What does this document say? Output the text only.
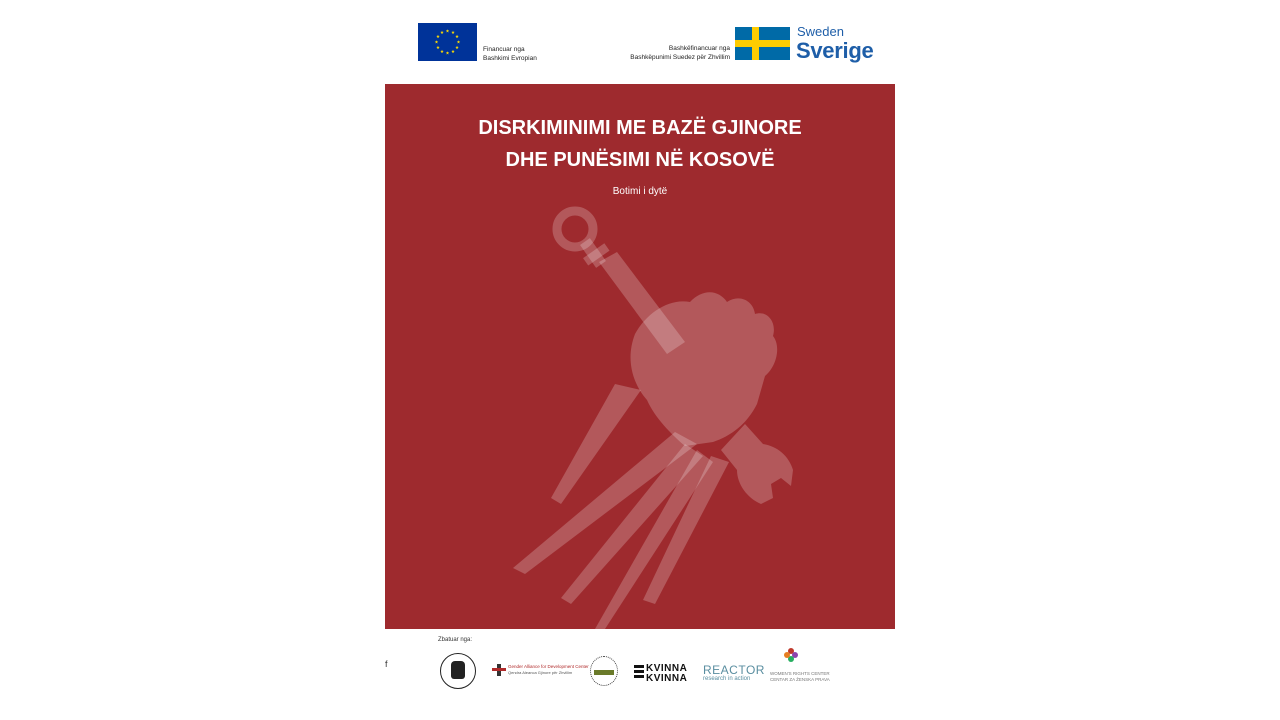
Financuar nga
Bashkimi Evropian
Bashkëfinancuar nga
Bashkëpunimi Suedez për Zhvillim
Sweden
Sverige
DISRKIMINIMI ME BAZË GJINORE
DHE PUNËSIMI NË KOSOVË
Botimi i dytë
Zbatuar nga:
f	Gender Alliance for Development Center
Qendra Aleanca Gjinore për Zhvillim	KVINNA
KVINNA
REACTOR
research in action
WOMEN'S RIGHTS CENTER
CENTAR ZA ŽENSKA PRAVA
